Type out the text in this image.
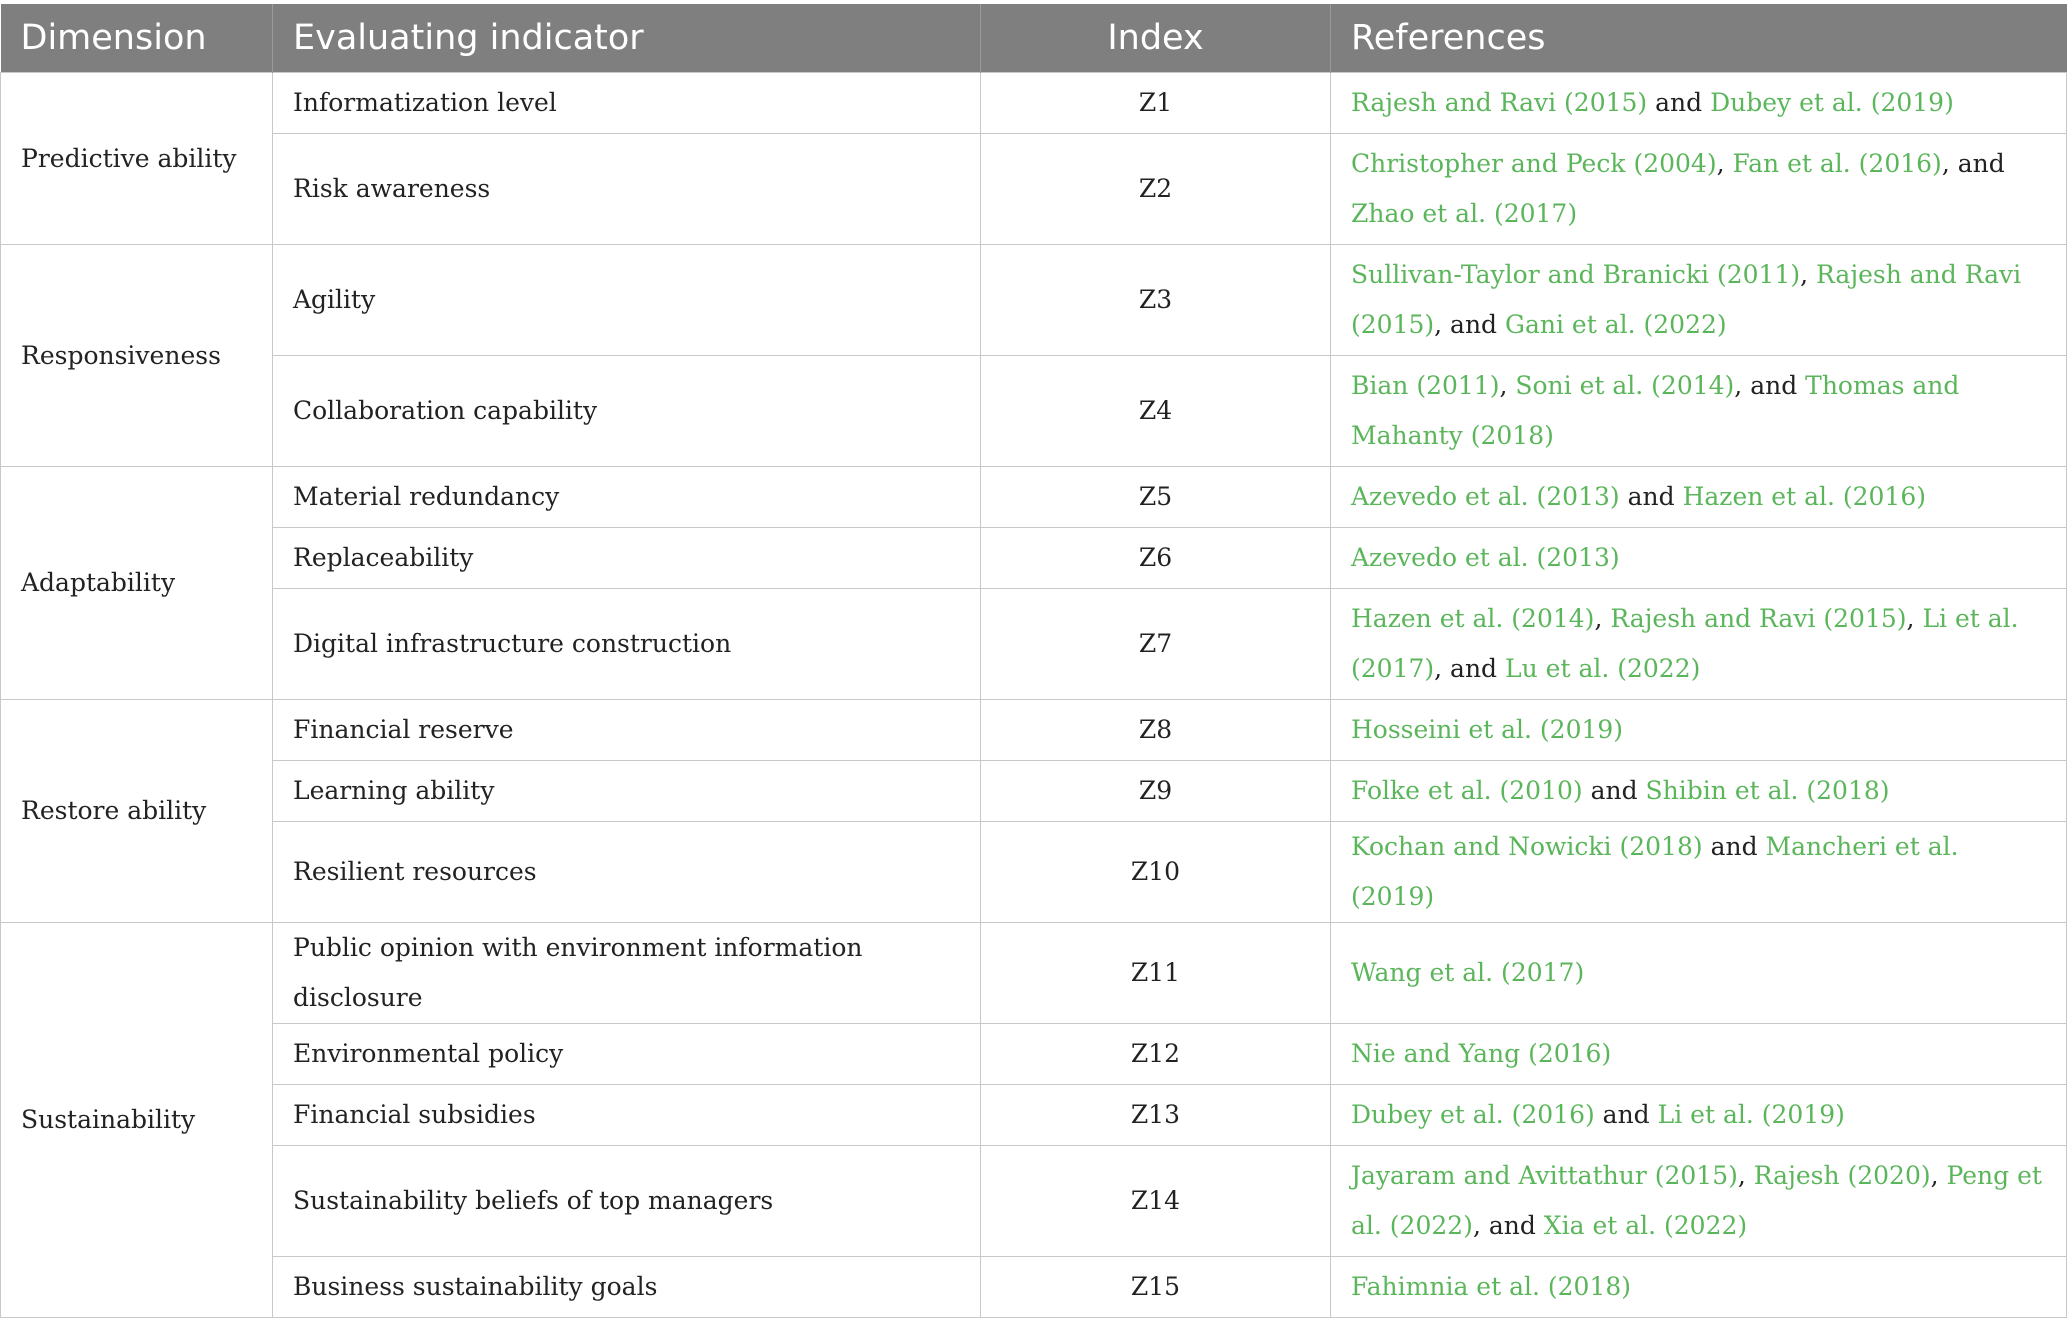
Dimension	Evaluating indicator	Index	References
Predictive ability	Informatization level	Z1	Rajesh and Ravi (2015) and Dubey et al. (2019)
	Risk awareness	Z2	Christopher and Peck (2004), Fan et al. (2016), and Zhao et al. (2017)
Responsiveness	Agility	Z3	Sullivan-Taylor and Branicki (2011), Rajesh and Ravi (2015), and Gani et al. (2022)
	Collaboration capability	Z4	Bian (2011), Soni et al. (2014), and Thomas and Mahanty (2018)
Adaptability	Material redundancy	Z5	Azevedo et al. (2013) and Hazen et al. (2016)
	Replaceability	Z6	Azevedo et al. (2013)
	Digital infrastructure construction	Z7	Hazen et al. (2014), Rajesh and Ravi (2015), Li et al. (2017), and Lu et al. (2022)
Restore ability	Financial reserve	Z8	Hosseini et al. (2019)
	Learning ability	Z9	Folke et al. (2010) and Shibin et al. (2018)
	Resilient resources	Z10	Kochan and Nowicki (2018) and Mancheri et al. (2019)
Sustainability	Public opinion with environment information disclosure	Z11	Wang et al. (2017)
	Environmental policy	Z12	Nie and Yang (2016)
	Financial subsidies	Z13	Dubey et al. (2016) and Li et al. (2019)
	Sustainability beliefs of top managers	Z14	Jayaram and Avittathur (2015), Rajesh (2020), Peng et al. (2022), and Xia et al. (2022)
	Business sustainability goals	Z15	Fahimnia et al. (2018)
